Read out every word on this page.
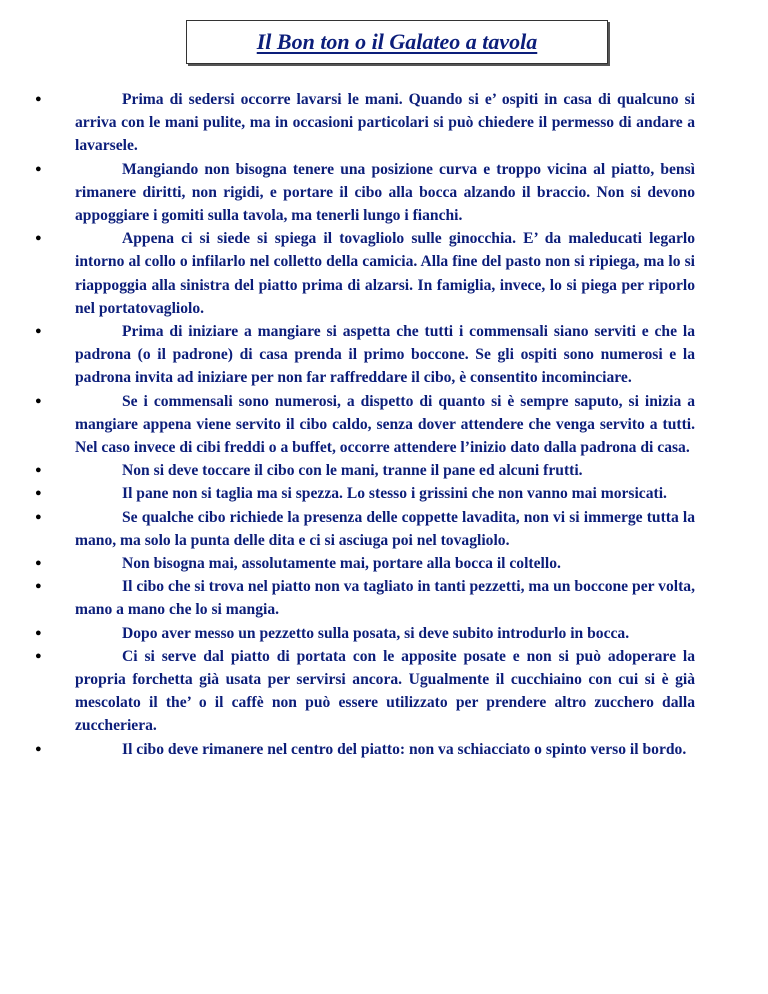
Il Bon ton o il Galateo a tavola
●	Prima di sedersi occorre lavarsi le mani. Quando si e’ ospiti in casa di qualcuno si arriva con le mani pulite, ma in occasioni particolari si può chiedere il permesso di andare a lavarsele.
●	Mangiando non bisogna tenere una posizione curva e troppo vicina al piatto, bensì rimanere diritti, non rigidi, e portare il cibo alla bocca alzando il braccio. Non si devono appoggiare i gomiti sulla tavola, ma tenerli lungo i fianchi.
●	Appena ci si siede si spiega il tovagliolo sulle ginocchia. E’ da maleducati legarlo intorno al collo o infilarlo nel colletto della camicia. Alla fine del pasto non si ripiega, ma lo si riappoggia alla sinistra del piatto prima di alzarsi. In famiglia, invece, lo si piega per riporlo nel portatovagliolo.
●	Prima di iniziare a mangiare si aspetta che tutti i commensali siano serviti e che la padrona (o il padrone) di casa prenda il primo boccone. Se gli ospiti sono numerosi e la padrona invita ad iniziare per non far raffreddare il cibo, è consentito incominciare.
●	Se i commensali sono numerosi, a dispetto di quanto si è sempre saputo, si inizia a mangiare appena viene servito il cibo caldo, senza dover attendere che venga servito a tutti. Nel caso invece di cibi freddi o a buffet, occorre attendere l’inizio dato dalla padrona di casa.
●	Non si deve toccare il cibo con le mani, tranne il pane ed alcuni frutti.
●	Il pane non si taglia ma si spezza. Lo stesso i grissini che non vanno mai morsicati.
●	Se qualche cibo richiede la presenza delle coppette lavadita, non vi si immerge tutta la mano, ma solo la punta delle dita e ci si asciuga poi nel tovagliolo.
●	Non bisogna mai, assolutamente mai, portare alla bocca il coltello.
●	Il cibo che si trova nel piatto non va tagliato in tanti pezzetti, ma un boccone per volta, mano a mano che lo si mangia.
●	Dopo aver messo un pezzetto sulla posata, si deve subito introdurlo in bocca.
●	Ci si serve dal piatto di portata con le apposite posate e non si può adoperare la propria forchetta già usata per servirsi ancora. Ugualmente il cucchiaino con cui si è già mescolato il the’ o il caffè non può essere utilizzato per prendere altro zucchero dalla zuccheriera.
●	Il cibo deve rimanere nel centro del piatto: non va schiacciato o spinto verso il bordo.
